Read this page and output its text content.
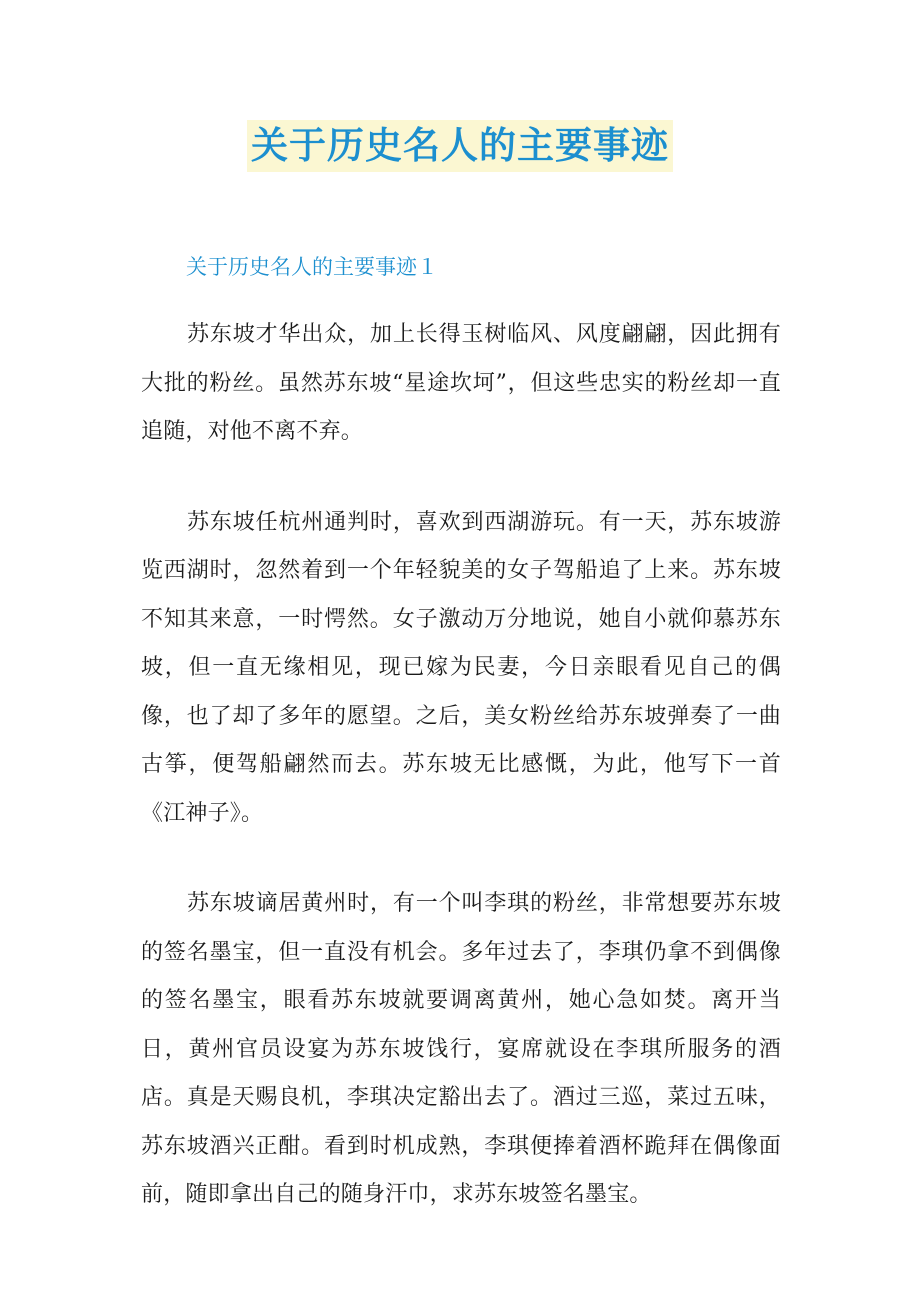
关于历史名人的主要事迹
关于历史名人的主要事迹１

苏东坡才华出众，加上长得玉树临风、风度翩翩，因此拥有大批的粉丝。虽然苏东坡“星途坎坷”，但这些忠实的粉丝却一直追随，对他不离不弃。

苏东坡任杭州通判时，喜欢到西湖游玩。有一天，苏东坡游览西湖时，忽然着到一个年轻貌美的女子驾船追了上来。苏东坡不知其来意，一时愕然。女子激动万分地说，她自小就仰慕苏东坡，但一直无缘相见，现已嫁为民妻，今日亲眼看见自己的偶像，也了却了多年的愿望。之后，美女粉丝给苏东坡弹奏了一曲古筝，便驾船翩然而去。苏东坡无比感慨，为此，他写下一首《江神子》。

苏东坡谪居黄州时，有一个叫李琪的粉丝，非常想要苏东坡的签名墨宝，但一直没有机会。多年过去了，李琪仍拿不到偶像的签名墨宝，眼看苏东坡就要调离黄州，她心急如焚。离开当日，黄州官员设宴为苏东坡饯行，宴席就设在李琪所服务的酒店。真是天赐良机，李琪决定豁出去了。酒过三巡，菜过五味，苏东坡酒兴正酣。看到时机成熟，李琪便捧着酒杯跪拜在偶像面前，随即拿出自己的随身汗巾，求苏东坡签名墨宝。
